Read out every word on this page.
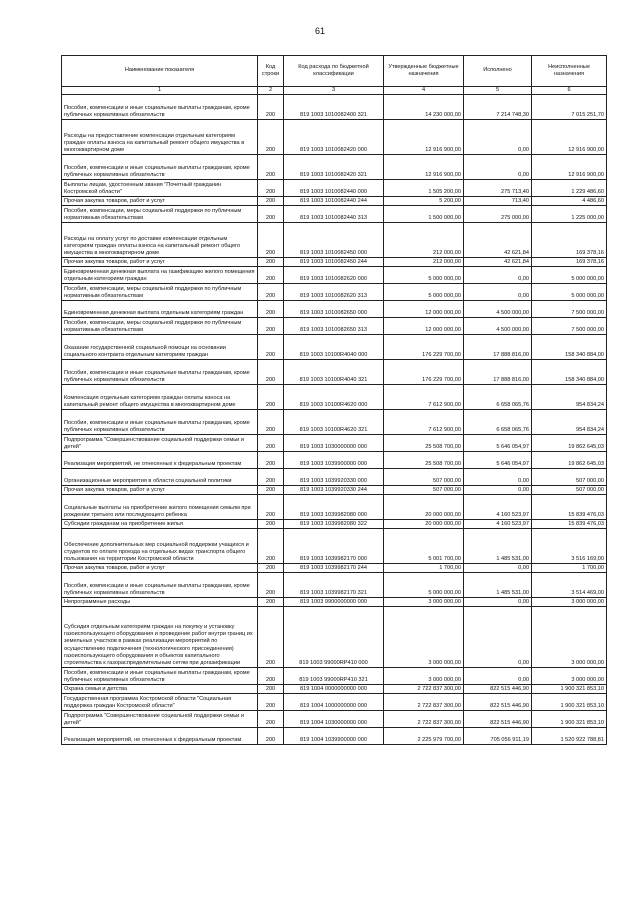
61
Наименование показателя	Код строки	Код расхода по бюджетной классификации	Утвержденные бюджетные назначения	Исполнено	Неисполненные назначения
1	2	3	4	5	6
Пособия, компенсации и иные социальные выплаты гражданам, кроме публичных нормативных обязательств	200	819 1003 1010082400 321	14 230 000,00	7 214 748,30	7 015 251,70
Расходы на предоставление компенсации отдельным категориям граждан оплаты взноса на капитальный ремонт общего имущества в многоквартирном доме	200	819 1003 1010082420 000	12 916 900,00	0,00	12 916 900,00
Пособия, компенсации и иные социальные выплаты гражданам, кроме публичных нормативных обязательств	200	819 1003 1010082420 321	12 916 900,00	0,00	12 916 900,00
Выплаты лицам, удостоенным звания "Почетный гражданин Костромской области"	200	819 1003 1010082440 000	1 505 200,00	275 713,40	1 229 486,60
Прочая закупка товаров, работ и услуг	200	819 1003 1010082440 244	5 200,00	713,40	4 486,60
Пособия, компенсации, меры социальной поддержки по публичным нормативным обязательствам	200	819 1003 1010082440 313	1 500 000,00	275 000,00	1 225 000,00
Расходы на оплату услуг по доставке компенсации отдельным категориям граждан оплаты взноса на капитальный ремонт общего имущества в многоквартирном доме	200	819 1003 1010082450 000	212 000,00	42 621,84	169 378,16
Прочая закупка товаров, работ и услуг	200	819 1003 1010082450 244	212 000,00	42 621,84	169 378,16
Единовременная денежная выплата на газификацию жилого помещения отдельным категориям граждан	200	819 1003 1010082620 000	5 000 000,00	0,00	5 000 000,00
Пособия, компенсации, меры социальной поддержки по публичным нормативным обязательствам	200	819 1003 1010082620 313	5 000 000,00	0,00	5 000 000,00
Единовременная денежная выплата отдельным категориям граждан	200	819 1003 1010082650 000	12 000 000,00	4 500 000,00	7 500 000,00
Пособия, компенсации, меры социальной поддержки по публичным нормативным обязательствам	200	819 1003 1010082650 313	12 000 000,00	4 500 000,00	7 500 000,00
Оказание государственной социальной помощи на основании социального контракта отдельным категориям граждан	200	819 1003 10100R4040 000	176 229 700,00	17 888 816,00	158 340 884,00
Пособия, компенсации и иные социальные выплаты гражданам, кроме публичных нормативных обязательств	200	819 1003 10100R4040 321	176 229 700,00	17 888 816,00	158 340 884,00
Компенсация отдельным категориям граждан оплаты взноса на капитальный ремонт общего имущества в многоквартирном доме	200	819 1003 10100R4620 000	7 612 900,00	6 658 065,76	954 834,24
Пособия, компенсации и иные социальные выплаты гражданам, кроме публичных нормативных обязательств	200	819 1003 10100R4620 321	7 612 900,00	6 658 065,76	954 834,24
Подпрограмма "Совершенствование социальной поддержки семьи и детей"	200	819 1003 1030000000 000	25 508 700,00	5 646 054,97	19 862 645,03
Реализация мероприятий, не отнесенных к федеральным проектам	200	819 1003 1039900000 000	25 508 700,00	5 646 054,97	19 862 645,03
Организационные мероприятия в области социальной политики	200	819 1003 1039920330 000	507 000,00	0,00	507 000,00
Прочая закупка товаров, работ и услуг	200	819 1003 1039920330 244	507 000,00	0,00	507 000,00
Социальные выплаты на приобретение жилого помещения семьям при рождении третьего или последующего ребенка	200	819 1003 1039982080 000	20 000 000,00	4 160 523,97	15 839 476,03
Субсидии гражданам на приобретение жилья	200	819 1003 1039982080 322	20 000 000,00	4 160 523,97	15 839 476,03
Обеспечение дополнительных мер социальной поддержки учащихся и студентов по оплате проезда на отдельных видах транспорта общего пользования на территории Костромской области	200	819 1003 1039982170 000	5 001 700,00	1 485 531,00	3 516 169,00
Прочая закупка товаров, работ и услуг	200	819 1003 1039982170 244	1 700,00	0,00	1 700,00
Пособия, компенсации и иные социальные выплаты гражданам, кроме публичных нормативных обязательств	200	819 1003 1039982170 321	5 000 000,00	1 485 531,00	3 514 469,00
Непрограммные расходы	200	819 1003 9900000000 000	3 000 000,00	0,00	3 000 000,00
Субсидия отдельным категориям граждан на покупку и установку газоиспользующего оборудования и проведение работ внутри границ их земельных участков в рамках реализации мероприятий по осуществлению подключения (технологического присоединения) газоиспользующего оборудования и объектов капитального строительства к газораспределительным сетям при догазификации	200	819 1003 99000RP410 000	3 000 000,00	0,00	3 000 000,00
Пособия, компенсации и иные социальные выплаты гражданам, кроме публичных нормативных обязательств	200	819 1003 99000RP410 321	3 000 000,00	0,00	3 000 000,00
Охрана семьи и детства	200	819 1004 0000000000 000	2 722 837 300,00	822 515 446,90	1 900 321 853,10
Государственная программа Костромской области "Социальная поддержка граждан Костромской области"	200	819 1004 1000000000 000	2 722 837 300,00	822 515 446,90	1 900 321 853,10
Подпрограмма "Совершенствование социальной поддержки семьи и детей"	200	819 1004 1030000000 000	2 722 837 300,00	822 515 446,90	1 900 321 853,10
Реализация мероприятий, не отнесенных к федеральным проектам	200	819 1004 1039900000 000	2 225 979 700,00	705 056 911,19	1 520 922 788,81
